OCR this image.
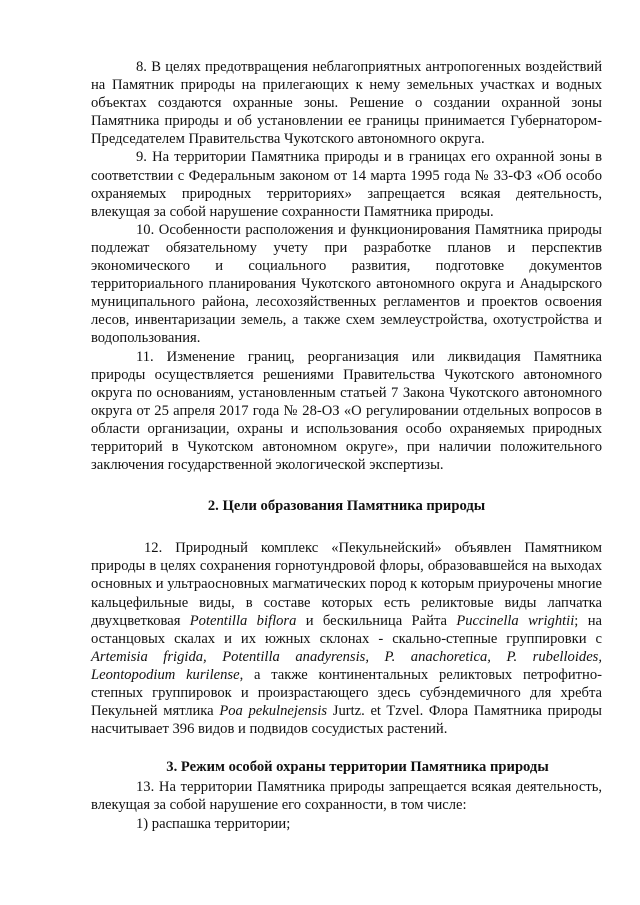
8. В целях предотвращения неблагоприятных антропогенных воздействий на Памятник природы на прилегающих к нему земельных участках и водных объектах создаются охранные зоны. Решение о создании охранной зоны Памятника природы и об установлении ее границы принимается Губернатором-Председателем Правительства Чукотского автономного округа.

9. На территории Памятника природы и в границах его охранной зоны в соответствии с Федеральным законом от 14 марта 1995 года № 33-ФЗ «Об особо охраняемых природных территориях» запрещается всякая деятельность, влекущая за собой нарушение сохранности Памятника природы.

10. Особенности расположения и функционирования Памятника природы подлежат обязательному учету при разработке планов и перспектив экономического и социального развития, подготовке документов территориального планирования Чукотского автономного округа и Анадырского муниципального района, лесохозяйственных регламентов и проектов освоения лесов, инвентаризации земель, а также схем землеустройства, охотустройства и водопользования.

11. Изменение границ, реорганизация или ликвидация Памятника природы осуществляется решениями Правительства Чукотского автономного округа по основаниям, установленным статьей 7 Закона Чукотского автономного округа от 25 апреля 2017 года № 28-ОЗ «О регулировании отдельных вопросов в области организации, охраны и использования особо охраняемых природных территорий в Чукотском автономном округе», при наличии положительного заключения государственной экологической экспертизы.

2. Цели образования Памятника природы

12. Природный комплекс «Пекульнейский» объявлен Памятником природы в целях сохранения горнотундровой флоры, образовавшейся на выходах основных и ультраосновных магматических пород к которым приурочены многие кальцефильные виды, в составе которых есть реликтовые виды лапчатка двухцветковая Potentilla biflora и бескильница Райта Puccinella wrightii; на останцовых скалах и их южных склонах - скально-степные группировки с Artemisia frigida, Potentilla anadyrensis, P. anachoretica, P. rubelloides, Leontopodium kurilense, а также континентальных реликтовых петрофитно-степных группировок и произрастающего здесь субэндемичного для хребта Пекульней мятлика Poa pekulnejensis Jurtz. et Tzvel. Флора Памятника природы насчитывает 396 видов и подвидов сосудистых растений.

3. Режим особой охраны территории Памятника природы

13. На территории Памятника природы запрещается всякая деятельность, влекущая за собой нарушение его сохранности, в том числе:

1) распашка территории;
